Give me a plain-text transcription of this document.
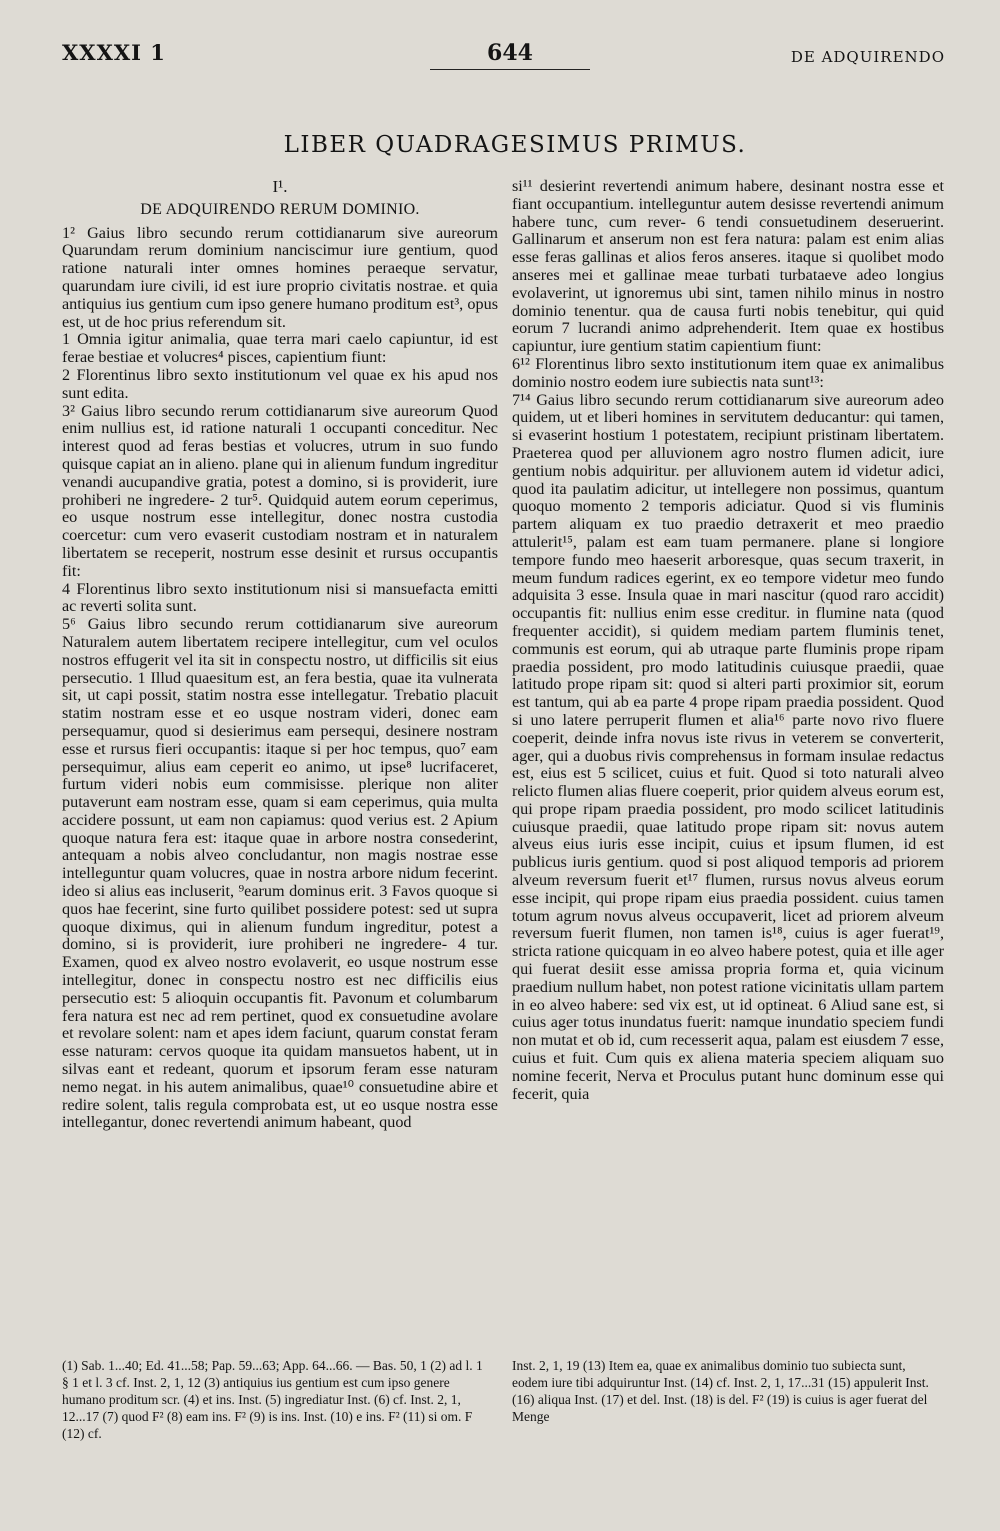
XXXXI 1	644	DE ADQUIRENDO
LIBER QUADRAGESIMUS PRIMUS.

I¹.

DE ADQUIRENDO RERUM DOMINIO.

1² Gaius libro secundo rerum cottidianarum sive aureorum Quarundam rerum dominium nanciscimur iure gentium, quod ratione naturali inter omnes homines peraeque servatur, quarundam iure civili, id est iure proprio civitatis nostrae. et quia antiquius ius gentium cum ipso genere humano proditum est³, opus est, ut de hoc prius referendum sit.

1 Omnia igitur animalia, quae terra mari caelo capiuntur, id est ferae bestiae et volucres⁴ pisces, capientium fiunt:

2 Florentinus libro sexto institutionum vel quae ex his apud nos sunt edita.

3² Gaius libro secundo rerum cottidianarum sive aureorum Quod enim nullius est, id ratione naturali 1 occupanti conceditur. Nec interest quod ad feras bestias et volucres, utrum in suo fundo quisque capiat an in alieno. plane qui in alienum fundum ingreditur venandi aucupandive gratia, potest a domino, si is providerit, iure prohiberi ne ingredere- 2 tur⁵. Quidquid autem eorum ceperimus, eo usque nostrum esse intellegitur, donec nostra custodia coercetur: cum vero evaserit custodiam nostram et in naturalem libertatem se receperit, nostrum esse desinit et rursus occupantis fit:

4 Florentinus libro sexto institutionum nisi si mansuefacta emitti ac reverti solita sunt.

5⁶ Gaius libro secundo rerum cottidianarum sive aureorum Naturalem autem libertatem recipere intellegitur, cum vel oculos nostros effugerit vel ita sit in conspectu nostro, ut difficilis sit eius persecutio. 1 Illud quaesitum est, an fera bestia, quae ita vulnerata sit, ut capi possit, statim nostra esse intellegatur. Trebatio placuit statim nostram esse et eo usque nostram videri, donec eam persequamur, quod si desierimus eam persequi, desinere nostram esse et rursus fieri occupantis: itaque si per hoc tempus, quo⁷ eam persequimur, alius eam ceperit eo animo, ut ipse⁸ lucrifaceret, furtum videri nobis eum commisisse. plerique non aliter putaverunt eam nostram esse, quam si eam ceperimus, quia multa accidere possunt, ut eam non capiamus: quod verius est. 2 Apium quoque natura fera est: itaque quae in arbore nostra consederint, antequam a nobis alveo concludantur, non magis nostrae esse intelleguntur quam volucres, quae in nostra arbore nidum fecerint. ideo si alius eas incluserit, ⁹earum dominus erit. 3 Favos quoque si quos hae fecerint, sine furto quilibet possidere potest: sed ut supra quoque diximus, qui in alienum fundum ingreditur, potest a domino, si is providerit, iure prohiberi ne ingredere- 4 tur. Examen, quod ex alveo nostro evolaverit, eo usque nostrum esse intellegitur, donec in conspectu nostro est nec difficilis eius persecutio est: 5 alioquin occupantis fit. Pavonum et columbarum fera natura est nec ad rem pertinet, quod ex consuetudine avolare et revolare solent: nam et apes idem faciunt, quarum constat feram esse naturam: cervos quoque ita quidam mansuetos habent, ut in silvas eant et redeant, quorum et ipsorum feram esse naturam nemo negat. in his autem animalibus, quae¹⁰ consuetudine abire et redire solent, talis regula comprobata est, ut eo usque nostra esse intellegantur, donec revertendi animum habeant, quod

si¹¹ desierint revertendi animum habere, desinant nostra esse et fiant occupantium. intelleguntur autem desisse revertendi animum habere tunc, cum rever- 6 tendi consuetudinem deseruerint. Gallinarum et anserum non est fera natura: palam est enim alias esse feras gallinas et alios feros anseres. itaque si quolibet modo anseres mei et gallinae meae turbati turbataeve adeo longius evolaverint, ut ignoremus ubi sint, tamen nihilo minus in nostro dominio tenentur. qua de causa furti nobis tenebitur, qui quid eorum 7 lucrandi animo adprehenderit. Item quae ex hostibus capiuntur, iure gentium statim capientium fiunt:

6¹² Florentinus libro sexto institutionum item quae ex animalibus dominio nostro eodem iure subiectis nata sunt¹³:

7¹⁴ Gaius libro secundo rerum cottidianarum sive aureorum adeo quidem, ut et liberi homines in servitutem deducantur: qui tamen, si evaserint hostium 1 potestatem, recipiunt pristinam libertatem. Praeterea quod per alluvionem agro nostro flumen adicit, iure gentium nobis adquiritur. per alluvionem autem id videtur adici, quod ita paulatim adicitur, ut intellegere non possimus, quantum quoquo momento 2 temporis adiciatur. Quod si vis fluminis partem aliquam ex tuo praedio detraxerit et meo praedio attulerit¹⁵, palam est eam tuam permanere. plane si longiore tempore fundo meo haeserit arboresque, quas secum traxerit, in meum fundum radices egerint, ex eo tempore videtur meo fundo adquisita 3 esse. Insula quae in mari nascitur (quod raro accidit) occupantis fit: nullius enim esse creditur. in flumine nata (quod frequenter accidit), si quidem mediam partem fluminis tenet, communis est eorum, qui ab utraque parte fluminis prope ripam praedia possident, pro modo latitudinis cuiusque praedii, quae latitudo prope ripam sit: quod si alteri parti proximior sit, eorum est tantum, qui ab ea parte 4 prope ripam praedia possident. Quod si uno latere perruperit flumen et alia¹⁶ parte novo rivo fluere coeperit, deinde infra novus iste rivus in veterem se converterit, ager, qui a duobus rivis comprehensus in formam insulae redactus est, eius est 5 scilicet, cuius et fuit. Quod si toto naturali alveo relicto flumen alias fluere coeperit, prior quidem alveus eorum est, qui prope ripam praedia possident, pro modo scilicet latitudinis cuiusque praedii, quae latitudo prope ripam sit: novus autem alveus eius iuris esse incipit, cuius et ipsum flumen, id est publicus iuris gentium. quod si post aliquod temporis ad priorem alveum reversum fuerit et¹⁷ flumen, rursus novus alveus eorum esse incipit, qui prope ripam eius praedia possident. cuius tamen totum agrum novus alveus occupaverit, licet ad priorem alveum reversum fuerit flumen, non tamen is¹⁸, cuius is ager fuerat¹⁹, stricta ratione quicquam in eo alveo habere potest, quia et ille ager qui fuerat desiit esse amissa propria forma et, quia vicinum praedium nullum habet, non potest ratione vicinitatis ullam partem in eo alveo habere: sed vix est, ut id optineat. 6 Aliud sane est, si cuius ager totus inundatus fuerit: namque inundatio speciem fundi non mutat et ob id, cum recesserit aqua, palam est eiusdem 7 esse, cuius et fuit. Cum quis ex aliena materia speciem aliquam suo nomine fecerit, Nerva et Proculus putant hunc dominum esse qui fecerit, quia

(1) Sab. 1...40; Ed. 41...58; Pap. 59...63; App. 64...66. — Bas. 50, 1 (2) ad l. 1 § 1 et l. 3 cf. Inst. 2, 1, 12 (3) antiquius ius gentium est cum ipso genere humano proditum scr. (4) et ins. Inst. (5) ingrediatur Inst. (6) cf. Inst. 2, 1, 12...17 (7) quod F² (8) eam ins. F² (9) is ins. Inst. (10) e ins. F² (11) si om. F (12) cf.
Inst. 2, 1, 19 (13) Item ea, quae ex animalibus dominio tuo subiecta sunt, eodem iure tibi adquiruntur Inst. (14) cf. Inst. 2, 1, 17...31 (15) appulerit Inst. (16) aliqua Inst. (17) et del. Inst. (18) is del. F² (19) is cuius is ager fuerat del Menge
